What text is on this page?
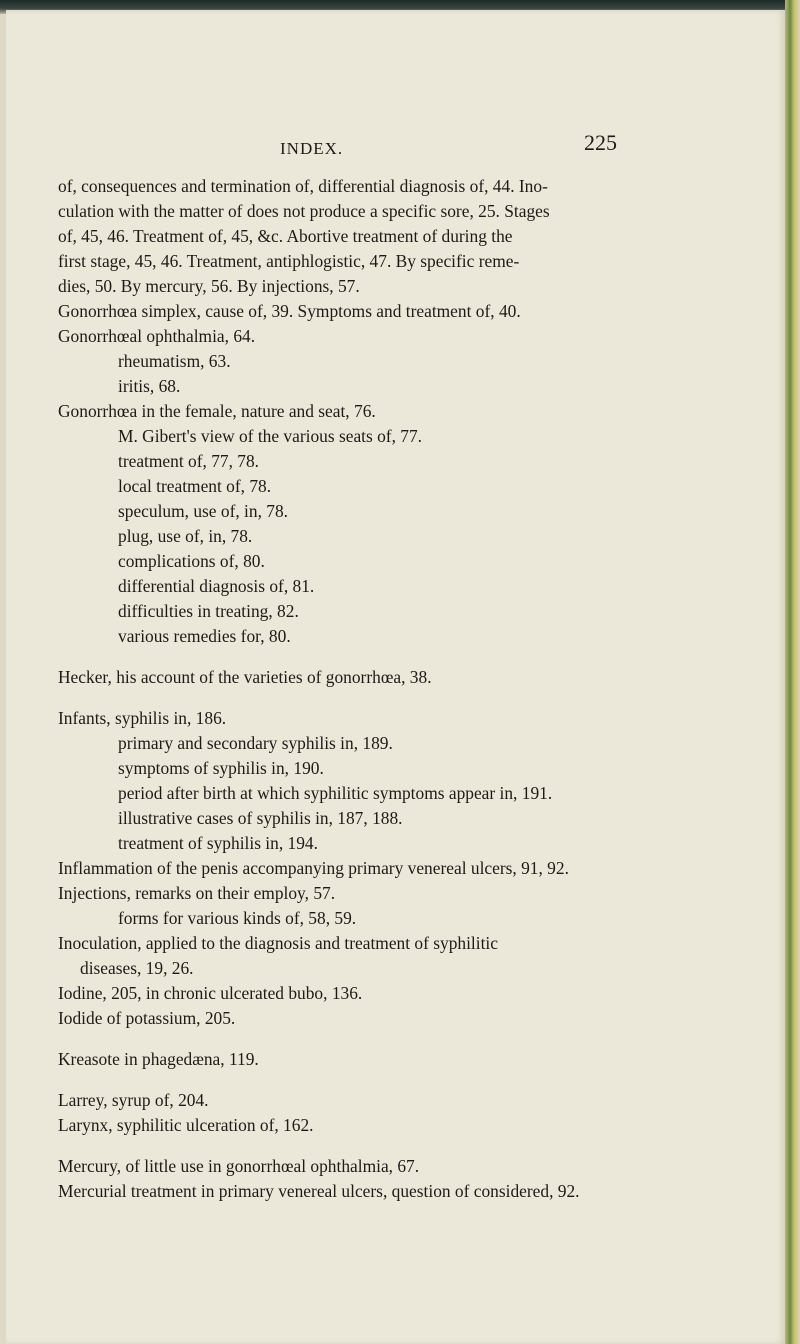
INDEX.	225
of, consequences and termination of, differential diagnosis of, 44. Ino-
culation with the matter of does not produce a specific sore, 25. Stages
of, 45, 46. Treatment of, 45, &c. Abortive treatment of during the
first stage, 45, 46. Treatment, antiphlogistic, 47. By specific reme-
dies, 50. By mercury, 56. By injections, 57.
Gonorrhœa simplex, cause of, 39. Symptoms and treatment of, 40.
Gonorrhœal ophthalmia, 64.
rheumatism, 63.
iritis, 68.
Gonorrhœa in the female, nature and seat, 76.
M. Gibert's view of the various seats of, 77.
treatment of, 77, 78.
local treatment of, 78.
speculum, use of, in, 78.
plug, use of, in, 78.
complications of, 80.
differential diagnosis of, 81.
difficulties in treating, 82.
various remedies for, 80.
Hecker, his account of the varieties of gonorrhœa, 38.
Infants, syphilis in, 186.
primary and secondary syphilis in, 189.
symptoms of syphilis in, 190.
period after birth at which syphilitic symptoms appear in, 191.
illustrative cases of syphilis in, 187, 188.
treatment of syphilis in, 194.
Inflammation of the penis accompanying primary venereal ulcers, 91, 92.
Injections, remarks on their employ, 57.
forms for various kinds of, 58, 59.
Inoculation, applied to the diagnosis and treatment of syphilitic
diseases, 19, 26.
Iodine, 205, in chronic ulcerated bubo, 136.
Iodide of potassium, 205.
Kreasote in phagedæna, 119.
Larrey, syrup of, 204.
Larynx, syphilitic ulceration of, 162.
Mercury, of little use in gonorrhœal ophthalmia, 67.
Mercurial treatment in primary venereal ulcers, question of considered, 92.
